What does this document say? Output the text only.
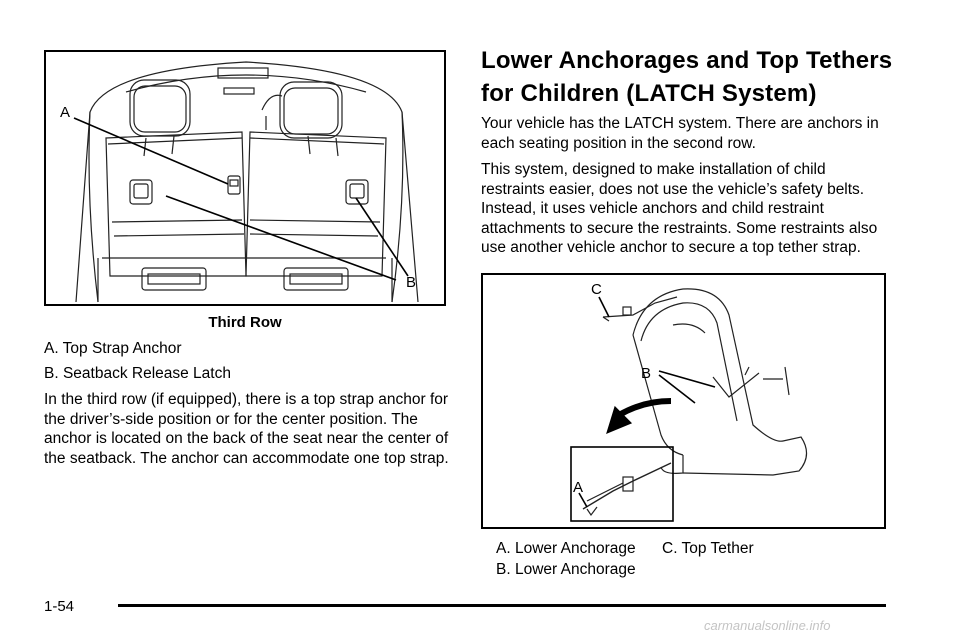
A
B
Third Row
A. Top Strap Anchor
B. Seatback Release Latch

In the third row (if equipped), there is a top strap anchor for the driver’s-side position or for the center position. The anchor is located on the back of the seat near the center of the seatback. The anchor can accommodate one top strap.

Lower Anchorages and Top Tethers for Children (LATCH System)

Your vehicle has the LATCH system. There are anchors in each seating position in the second row.

This system, designed to make installation of child restraints easier, does not use the vehicle’s safety belts. Instead, it uses vehicle anchors and child restraint attachments to secure the restraints. Some restraints also use another vehicle anchor to secure a top tether strap.

C
B
A
A. Lower Anchorage
B. Lower Anchorage
C. Top Tether
1-54
carmanualsonline.info
